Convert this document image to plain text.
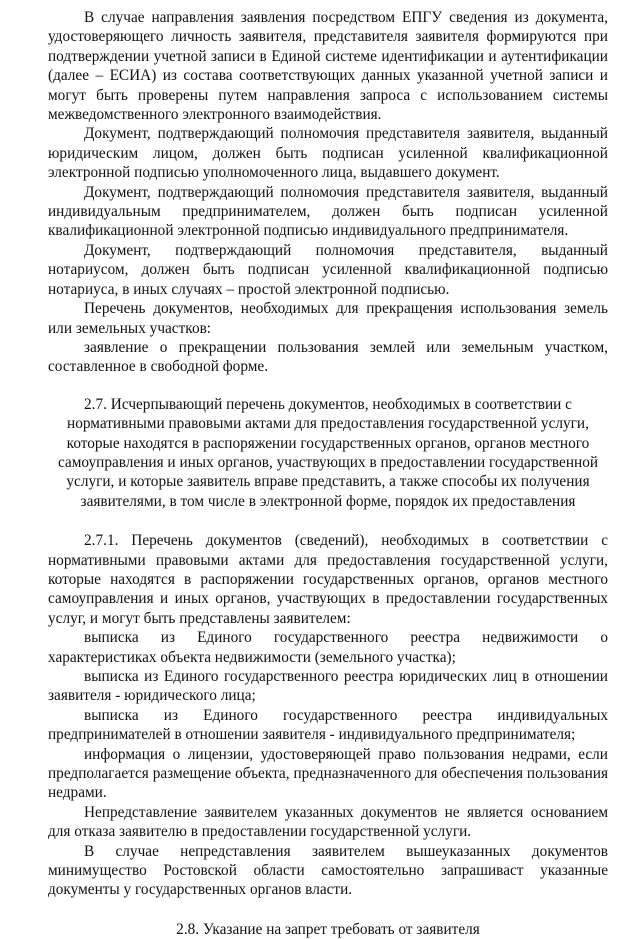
В случае направления заявления посредством ЕПГУ сведения из документа, удостоверяющего личность заявителя, представителя заявителя формируются при подтверждении учетной записи в Единой системе идентификации и аутентификации (далее – ЕСИА) из состава соответствующих данных указанной учетной записи и могут быть проверены путем направления запроса с использованием системы межведомственного электронного взаимодействия.

Документ, подтверждающий полномочия представителя заявителя, выданный юридическим лицом, должен быть подписан усиленной квалификационной электронной подписью уполномоченного лица, выдавшего документ.

Документ, подтверждающий полномочия представителя заявителя, выданный индивидуальным предпринимателем, должен быть подписан усиленной квалификационной электронной подписью индивидуального предпринимателя.

Документ, подтверждающий полномочия представителя, выданный нотариусом, должен быть подписан усиленной квалификационной подписью нотариуса, в иных случаях – простой электронной подписью.

Перечень документов, необходимых для прекращения использования земель или земельных участков:

заявление о прекращении пользования землей или земельным участком, составленное в свободной форме.

2.7. Исчерпывающий перечень документов, необходимых в соответствии с нормативными правовыми актами для предоставления государственной услуги, которые находятся в распоряжении государственных органов, органов местного самоуправления и иных органов, участвующих в предоставлении государственной услуги, и которые заявитель вправе представить, а также способы их получения заявителями, в том числе в электронной форме, порядок их предоставления

2.7.1. Перечень документов (сведений), необходимых в соответствии с нормативными правовыми актами для предоставления государственной услуги, которые находятся в распоряжении государственных органов, органов местного самоуправления и иных органов, участвующих в предоставлении государственных услуг, и могут быть представлены заявителем:

выписка из Единого государственного реестра недвижимости о характеристиках объекта недвижимости (земельного участка);

выписка из Единого государственного реестра юридических лиц в отношении заявителя - юридического лица;

выписка из Единого государственного реестра индивидуальных предпринимателей в отношении заявителя - индивидуального предпринимателя;

информация о лицензии, удостоверяющей право пользования недрами, если предполагается размещение объекта, предназначенного для обеспечения пользования недрами.

Непредставление заявителем указанных документов не является основанием для отказа заявителю в предоставлении государственной услуги.

В случае непредставления заявителем вышеуказанных документов минимущество Ростовской области самостоятельно запрашиваст указанные документы у государственных органов власти.

2.8. Указание на запрет требовать от заявителя
